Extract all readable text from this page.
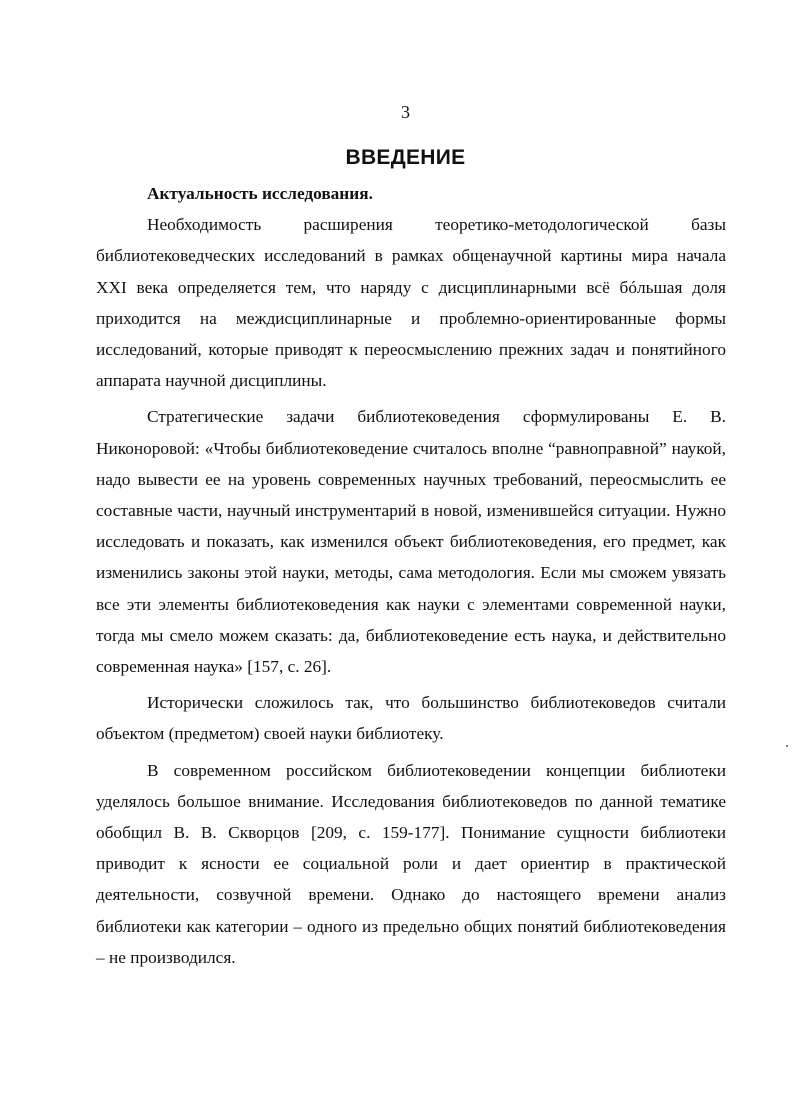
3
ВВЕДЕНИЕ

Актуальность исследования.

Необходимость расширения теоретико-методологической базы библиотековедческих исследований в рамках общенаучной картины мира начала XXI века определяется тем, что наряду с дисциплинарными всё бóльшая доля приходится на междисциплинарные и проблемно-ориентированные формы исследований, которые приводят к переосмыслению прежних задач и понятийного аппарата научной дисциплины.

Стратегические задачи библиотековедения сформулированы Е. В. Никоноровой: «Чтобы библиотековедение считалось вполне “равноправной” наукой, надо вывести ее на уровень современных научных требований, переосмыслить ее составные части, научный инструментарий в новой, изменившейся ситуации. Нужно исследовать и показать, как изменился объект библиотековедения, его предмет, как изменились законы этой науки, методы, сама методология. Если мы сможем увязать все эти элементы библиотековедения как науки с элементами современной науки, тогда мы смело можем сказать: да, библиотековедение есть наука, и действительно современная наука» [157, с. 26].

Исторически сложилось так, что большинство библиотековедов считали объектом (предметом) своей науки библиотеку.

В современном российском библиотековедении концепции библиотеки уделялось большое внимание. Исследования библиотековедов по данной тематике обобщил В. В. Скворцов [209, с. 159-177]. Понимание сущности библиотеки приводит к ясности ее социальной роли и дает ориентир в практической деятельности, созвучной времени. Однако до настоящего времени анализ библиотеки как категории – одного из предельно общих понятий библиотековедения – не производился.
